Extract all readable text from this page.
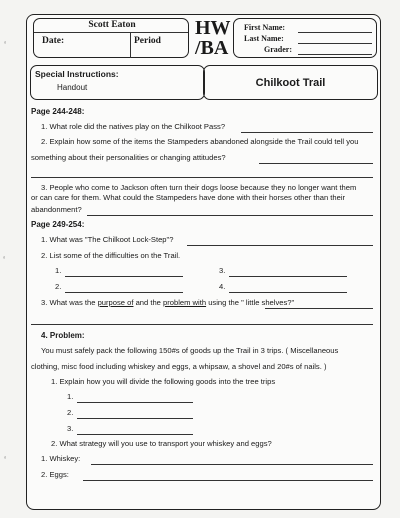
Scott Eaton
Date:	Period
HW
/BA
First Name:
Last Name:
Grader:
Special Instructions:
Handout	Chilkoot Trail
Page 244-248:
1. What role did the natives play on the Chilkoot Pass?
2. Explain how some of the items the Stampeders abandoned alongside the Trail could tell you
something about their personalities or changing attitudes?
3. People who come to Jackson often turn their dogs loose because they no longer want them
or can care for them. What could the Stampeders have done with their horses other than their
abandonment?
Page 249-254:
1. What was "The Chilkoot Lock-Step"?
2. List some of the difficulties on the Trail.
1.	3.
2.	4.
3. What was the purpose of and the problem with using the " little shelves?"
4. Problem:
You must safely pack the following 150#s of goods up the Trail in 3 trips. ( Miscellaneous
clothing, misc food including whiskey and eggs, a whipsaw, a shovel and 20#s of nails. )
1. Explain how you will divide the following goods into the tree trips
1.
2.
3.
2. What strategy will you use to transport your whiskey and eggs?
1. Whiskey:
2. Eggs:
‘
‘
‘
